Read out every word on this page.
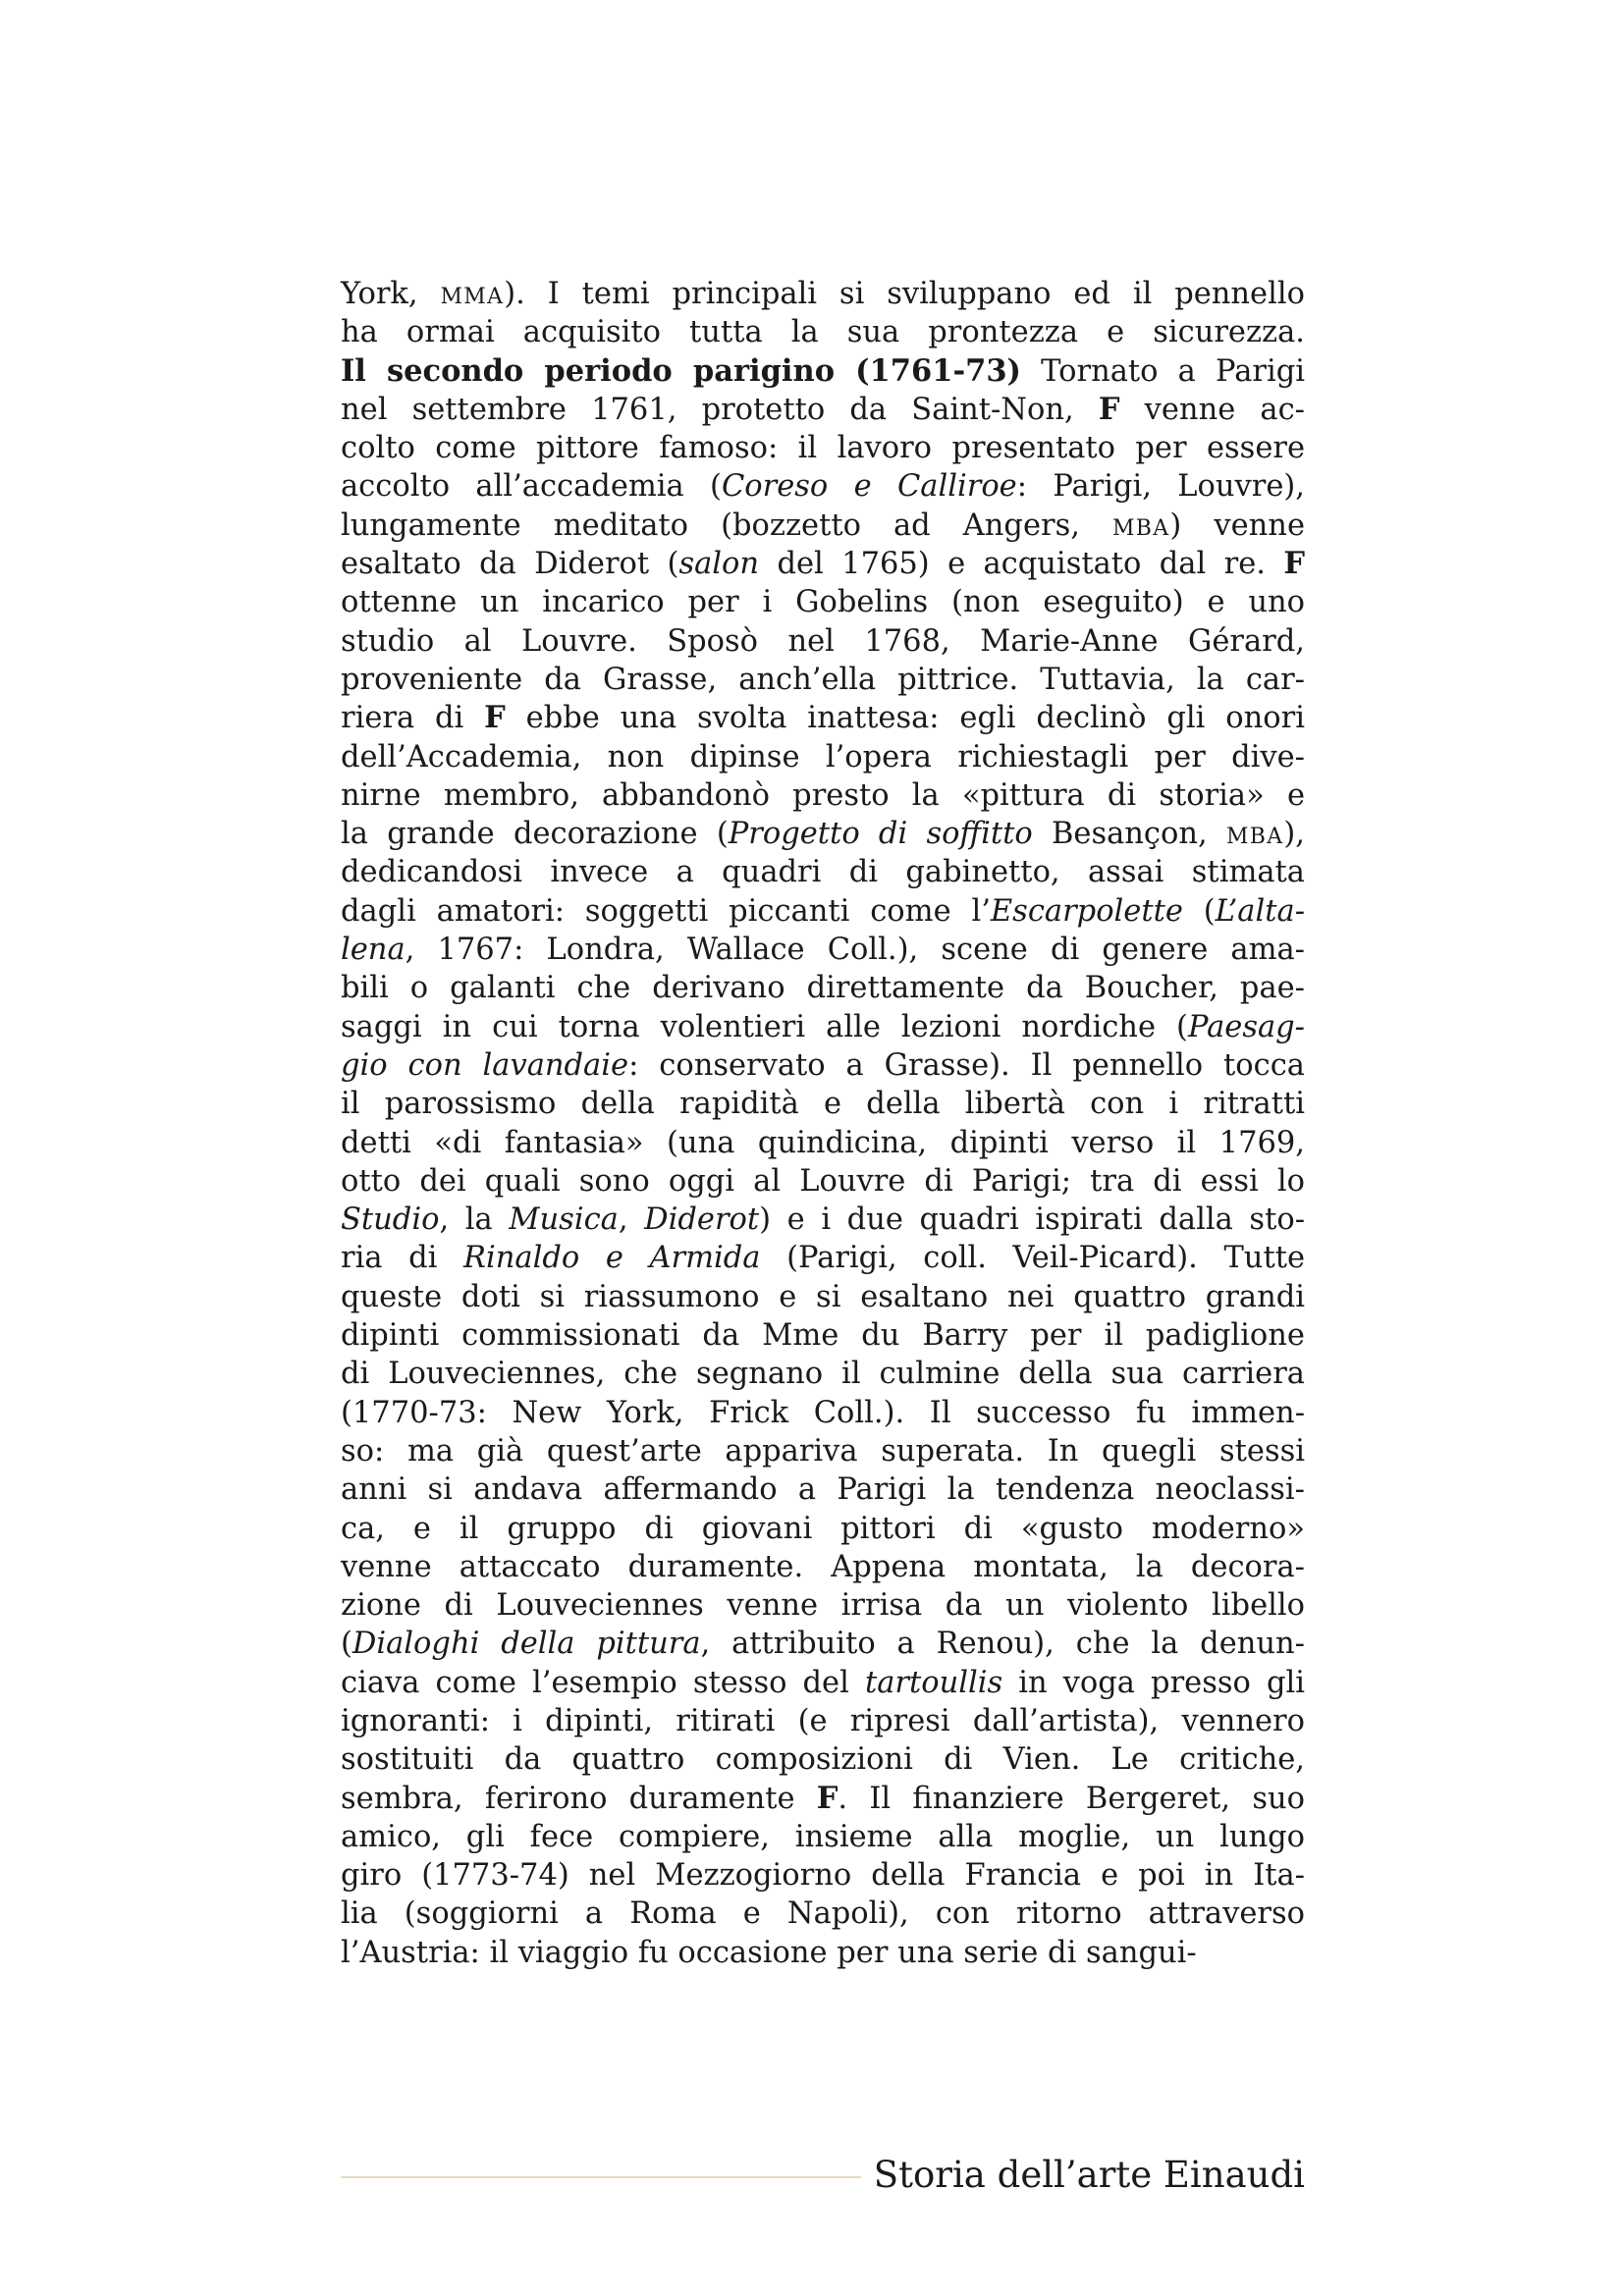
York, MMA). I temi principali si sviluppano ed il pennello
ha ormai acquisito tutta la sua prontezza e sicurezza.
Il secondo periodo parigino (1761-73) Tornato a Parigi
nel settembre 1761, protetto da Saint-Non, F venne ac-
colto come pittore famoso: il lavoro presentato per essere
accolto all’accademia (Coreso e Calliroe: Parigi, Louvre),
lungamente meditato (bozzetto ad Angers, MBA) venne
esaltato da Diderot (salon del 1765) e acquistato dal re. F
ottenne un incarico per i Gobelins (non eseguito) e uno
studio al Louvre. Sposò nel 1768, Marie-Anne Gérard,
proveniente da Grasse, anch’ella pittrice. Tuttavia, la car-
riera di F ebbe una svolta inattesa: egli declinò gli onori
dell’Accademia, non dipinse l’opera richiestagli per dive-
nirne membro, abbandonò presto la «pittura di storia» e
la grande decorazione (Progetto di soffitto Besançon, MBA),
dedicandosi invece a quadri di gabinetto, assai stimata
dagli amatori: soggetti piccanti come l’Escarpolette (L’alta-
lena, 1767: Londra, Wallace Coll.), scene di genere ama-
bili o galanti che derivano direttamente da Boucher, pae-
saggi in cui torna volentieri alle lezioni nordiche (Paesag-
gio con lavandaie: conservato a Grasse). Il pennello tocca
il parossismo della rapidità e della libertà con i ritratti
detti «di fantasia» (una quindicina, dipinti verso il 1769,
otto dei quali sono oggi al Louvre di Parigi; tra di essi lo
Studio, la Musica, Diderot) e i due quadri ispirati dalla sto-
ria di Rinaldo e Armida (Parigi, coll. Veil-Picard). Tutte
queste doti si riassumono e si esaltano nei quattro grandi
dipinti commissionati da Mme du Barry per il padiglione
di Louveciennes, che segnano il culmine della sua carriera
(1770-73: New York, Frick Coll.). Il successo fu immen-
so: ma già quest’arte appariva superata. In quegli stessi
anni si andava affermando a Parigi la tendenza neoclassi-
ca, e il gruppo di giovani pittori di «gusto moderno»
venne attaccato duramente. Appena montata, la decora-
zione di Louveciennes venne irrisa da un violento libello
(Dialoghi della pittura, attribuito a Renou), che la denun-
ciava come l’esempio stesso del tartoullis in voga presso gli
ignoranti: i dipinti, ritirati (e ripresi dall’artista), vennero
sostituiti da quattro composizioni di Vien. Le critiche,
sembra, ferirono duramente F. Il finanziere Bergeret, suo
amico, gli fece compiere, insieme alla moglie, un lungo
giro (1773-74) nel Mezzogiorno della Francia e poi in Ita-
lia (soggiorni a Roma e Napoli), con ritorno attraverso
l’Austria: il viaggio fu occasione per una serie di sangui-
Storia dell’arte Einaudi
